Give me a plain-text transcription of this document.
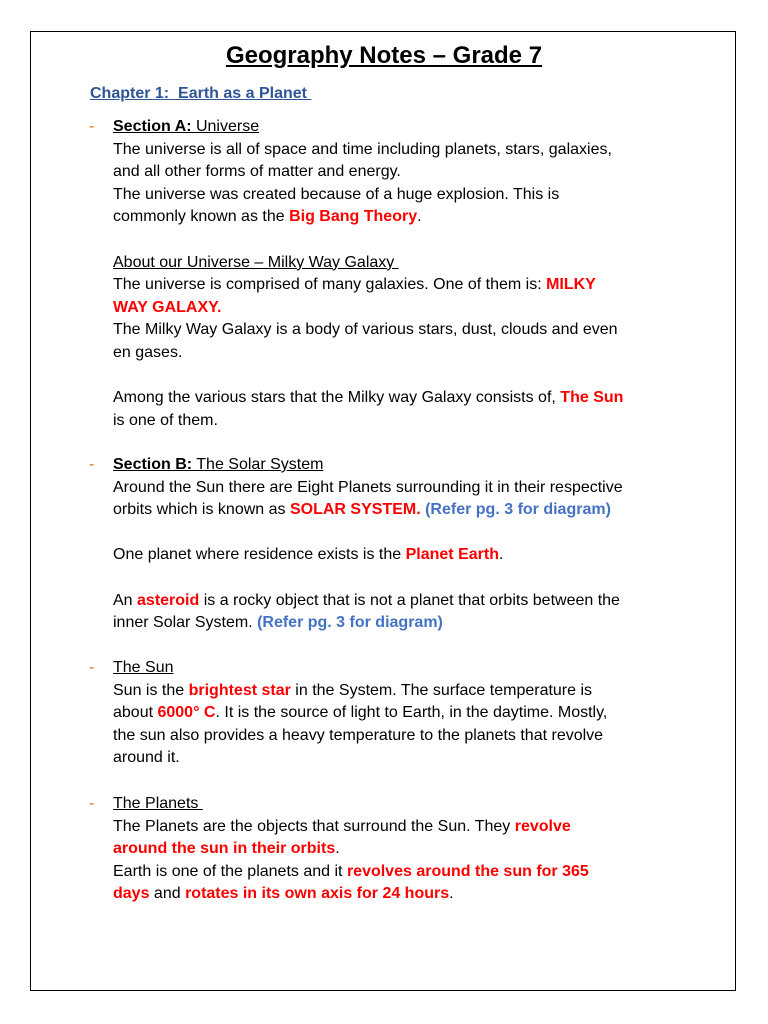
Geography Notes – Grade 7
Chapter 1:  Earth as a Planet
- Section A: Universe
The universe is all of space and time including planets, stars, galaxies,
and all other forms of matter and energy.
The universe was created because of a huge explosion. This is
commonly known as the Big Bang Theory.
About our Universe – Milky Way Galaxy
The universe is comprised of many galaxies. One of them is: MILKY
WAY GALAXY.
The Milky Way Galaxy is a body of various stars, dust, clouds and even
en gases.
Among the various stars that the Milky way Galaxy consists of, The Sun
is one of them.
- Section B: The Solar System
Around the Sun there are Eight Planets surrounding it in their respective
orbits which is known as SOLAR SYSTEM. (Refer pg. 3 for diagram)
One planet where residence exists is the Planet Earth.
An asteroid is a rocky object that is not a planet that orbits between the
inner Solar System. (Refer pg. 3 for diagram)
- The Sun
Sun is the brightest star in the System. The surface temperature is
about 6000° C. It is the source of light to Earth, in the daytime. Mostly,
the sun also provides a heavy temperature to the planets that revolve
around it.
- The Planets
The Planets are the objects that surround the Sun. They revolve
around the sun in their orbits.
Earth is one of the planets and it revolves around the sun for 365
days and rotates in its own axis for 24 hours.
